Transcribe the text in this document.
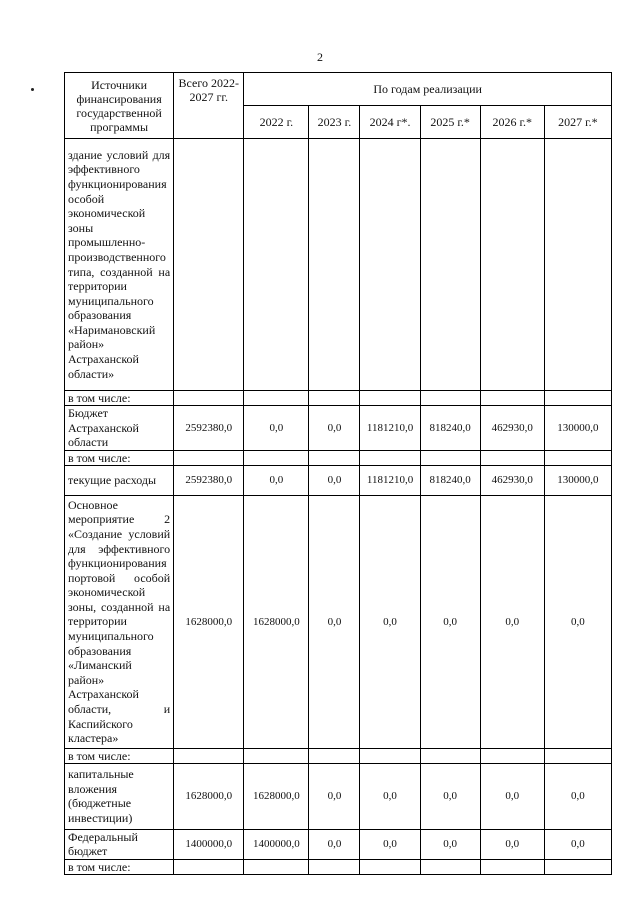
2
Источники финансирования государственной программы	Всего 2022-2027 гг.	По годам реализации					
		2022 г.	2023 г.	2024 г*.	2025 г.*	2026 г.*	2027 г.*
здание условий для эффективного функционирования особой экономической зоны промышленно-производственного типа, созданной на территории муниципального образования «Наримановский район» Астраханской области»							
в том числе:							
Бюджет Астраханской области	2592380,0	0,0	0,0	1181210,0	818240,0	462930,0	130000,0
в том числе:							
текущие расходы	2592380,0	0,0	0,0	1181210,0	818240,0	462930,0	130000,0
Основное мероприятие 2 «Создание условий для эффективного функционирования портовой особой экономической зоны, созданной на территории муниципального образования «Лиманский район» Астраханской области, и Каспийского кластера»	1628000,0	1628000,0	0,0	0,0	0,0	0,0	0,0
в том числе:							
капитальные вложения (бюджетные инвестиции)	1628000,0	1628000,0	0,0	0,0	0,0	0,0	0,0
Федеральный бюджет	1400000,0	1400000,0	0,0	0,0	0,0	0,0	0,0
в том числе:							
